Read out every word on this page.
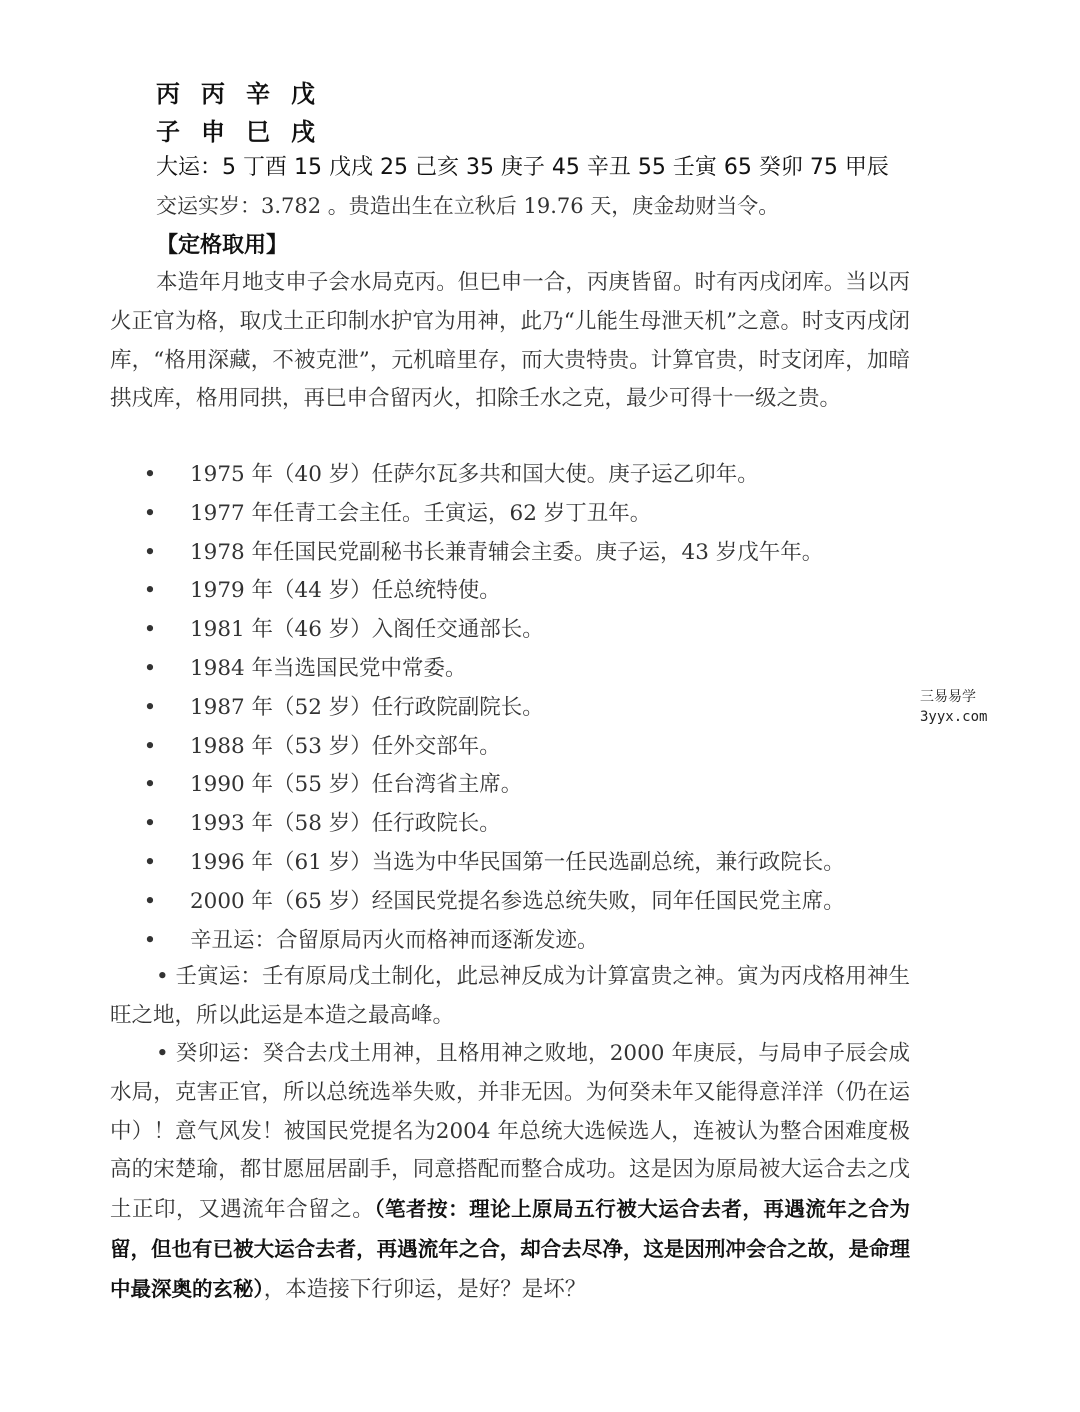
丙 丙 辛 戊
子 申 巳 戌
大运：5 丁酉 15 戊戌 25 己亥 35 庚子 45 辛丑 55 壬寅 65 癸卯 75 甲辰
交运实岁：3.782 。贵造出生在立秋后 19.76 天，庚金劫财当令。
【定格取用】

本造年月地支申子会水局克丙。但巳申一合，丙庚皆留。时有丙戌闭库。当以丙火正官为格，取戊土正印制水护官为用神，此乃“儿能生母泄天机”之意。时支丙戌闭库，“格用深藏，不被克泄”，元机暗里存，而大贵特贵。计算官贵，时支闭库，加暗拱戌库，格用同拱，再巳申合留丙火，扣除壬水之克，最少可得十一级之贵。

• 1975 年（40 岁）任萨尔瓦多共和国大使。庚子运乙卯年。
• 1977 年任青工会主任。壬寅运，62 岁丁丑年。
• 1978 年任国民党副秘书长兼青辅会主委。庚子运，43 岁戊午年。
• 1979 年（44 岁）任总统特使。
• 1981 年（46 岁）入阁任交通部长。
• 1984 年当选国民党中常委。
• 1987 年（52 岁）任行政院副院长。
• 1988 年（53 岁）任外交部年。
• 1990 年（55 岁）任台湾省主席。
• 1993 年（58 岁）任行政院长。
• 1996 年（61 岁）当选为中华民国第一任民选副总统，兼行政院长。
• 2000 年（65 岁）经国民党提名参选总统失败，同年任国民党主席。
• 辛丑运：合留原局丙火而格神而逐渐发迹。

• 壬寅运：壬有原局戊土制化，此忌神反成为计算富贵之神。寅为丙戌格用神生旺之地，所以此运是本造之最高峰。

• 癸卯运：癸合去戊土用神，且格用神之败地，2000 年庚辰，与局申子辰会成水局，克害正官，所以总统选举失败，并非无因。为何癸未年又能得意洋洋（仍在运中）！意气风发！被国民党提名为2004 年总统大选候选人，连被认为整合困难度极高的宋楚瑜，都甘愿屈居副手，同意搭配而整合成功。这是因为原局被大运合去之戊土正印，又遇流年合留之。（笔者按：理论上原局五行被大运合去者，再遇流年之合为留，但也有已被大运合去者，再遇流年之合，却合去尽净，这是因刑冲会合之故，是命理中最深奥的玄秘），本造接下行卯运，是好？是坏？

三易易学
3yyx.com
